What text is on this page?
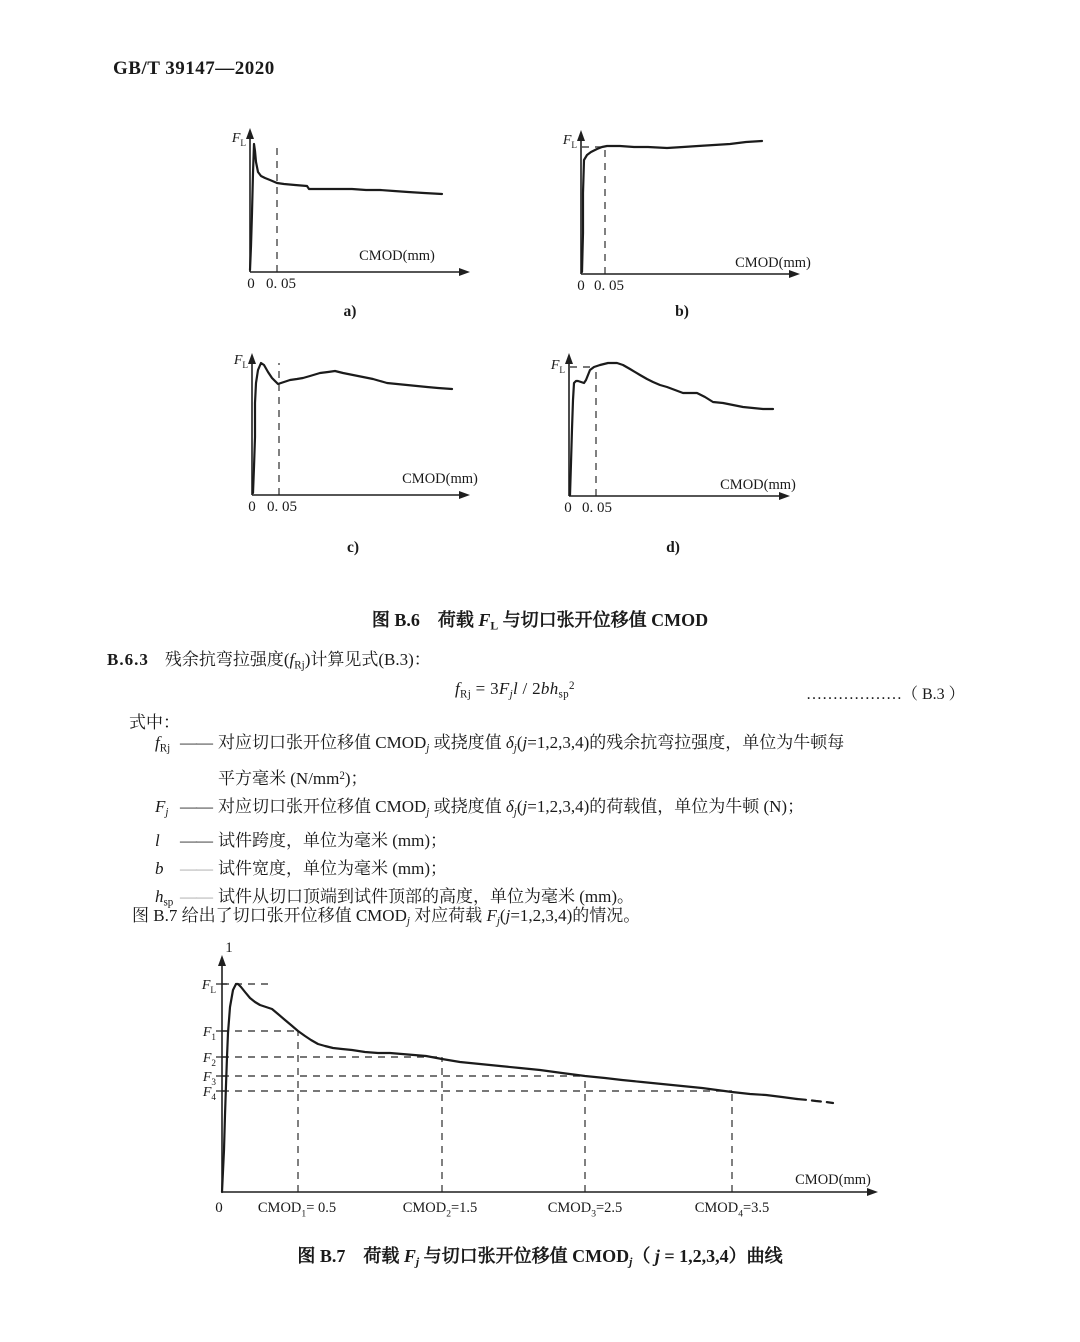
GB/T 39147—2020
$F_L$
CMOD(mm)
0 0. 05
a)
$F_L$
CMOD(mm)
0 0. 05
b)
$F_L$
CMOD(mm)
0 0. 05
c)
$F_L$
CMOD(mm)
0 0. 05
d)
图 B.6　荷载 FL 与切口张开位移值 CMOD
B.6.3 残余抗弯拉强度(fRj)计算见式(B.3)：
fRj = 3Fjl / 2bhsp$^2$	………………（ B.3 ）
式中：
fRj —— 对应切口张开位移值 CMODj 或挠度值 δj(j=1,2,3,4)的残余抗弯拉强度，单位为牛顿每
平方毫米 $(N/mm^2)$；
Fj —— 对应切口张开位移值 CMODj 或挠度值 δj(j=1,2,3,4)的荷载值，单位为牛顿 (N)；
l	—— 试件跨度，单位为毫米 (mm)；
b —— 试件宽度，单位为毫米 (mm)；
hsp —— 试件从切口顶端到试件顶部的高度，单位为毫米 (mm)。
图 B.7 给出了切口张开位移值 CMODj 对应荷载 Fj(j=1,2,3,4)的情况。
1
$F_L$
$F_1$
$F_2$
$F_3$
$F_4$
CMOD(mm)
0 $CMOD_1= 0.5$	$CMOD_2=1.5$	$CMOD_3=2.5$	$CMOD_4=3.5$
图 B.7　荷载 Fj 与切口张开位移值 CMODj（ j = 1,2,3,4）曲线
